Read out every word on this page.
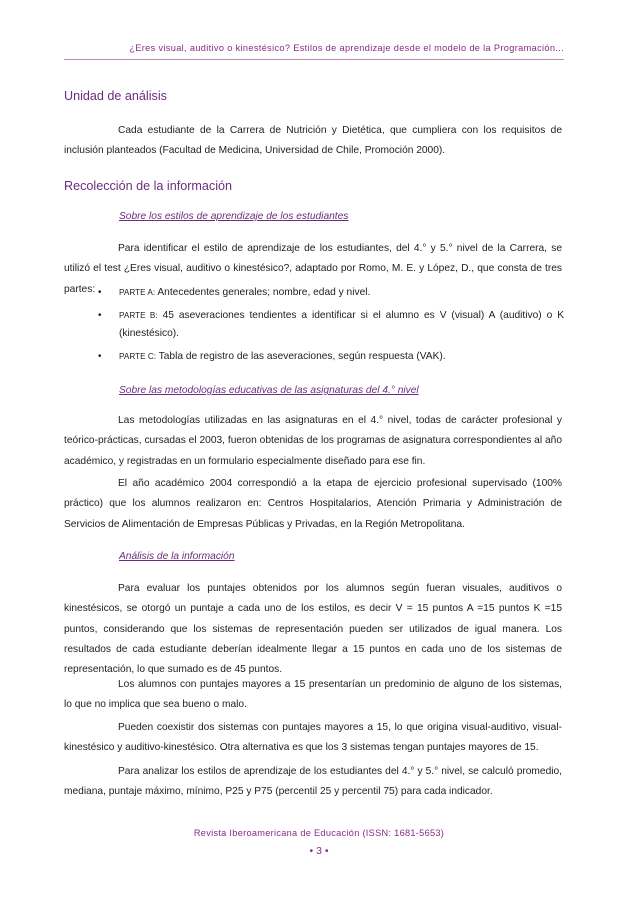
¿Eres visual, auditivo o kinestésico? Estilos de aprendizaje desde el modelo de la Programación...
Unidad de análisis

Cada estudiante de la Carrera de Nutrición y Dietética, que cumpliera con los requisitos de inclusión planteados (Facultad de Medicina, Universidad de Chile, Promoción 2000).

Recolección de la información

Sobre los estilos de aprendizaje de los estudiantes

Para identificar el estilo de aprendizaje de los estudiantes, del 4.° y 5.° nivel de la Carrera, se utilizó el test ¿Eres visual, auditivo o kinestésico?, adaptado por Romo, M. E. y López, D., que consta de tres partes: • PARTE A: Antecedentes generales; nombre, edad y nivel.
• PARTE B: 45 aseveraciones tendientes a identificar si el alumno es V (visual) A (auditivo) o K (kinestésico).
• PARTE C: Tabla de registro de las aseveraciones, según respuesta (VAK).

Sobre las metodologías educativas de las asignaturas del 4.° nivel

Las metodologías utilizadas en las asignaturas en el 4.° nivel, todas de carácter profesional y teórico-prácticas, cursadas el 2003, fueron obtenidas de los programas de asignatura correspondientes al año académico, y registradas en un formulario especialmente diseñado para ese fin.

El año académico 2004 correspondió a la etapa de ejercicio profesional supervisado (100% práctico) que los alumnos realizaron en: Centros Hospitalarios, Atención Primaria y Administración de Servicios de Alimentación de Empresas Públicas y Privadas, en la Región Metropolitana.

Análisis de la información

Para evaluar los puntajes obtenidos por los alumnos según fueran visuales, auditivos o kinestésicos, se otorgó un puntaje a cada uno de los estilos, es decir V = 15 puntos A =15 puntos K =15 puntos, considerando que los sistemas de representación pueden ser utilizados de igual manera. Los resultados de cada estudiante deberían idealmente llegar a 15 puntos en cada uno de los sistemas de representación, lo que sumado es de 45 puntos.

Los alumnos con puntajes mayores a 15 presentarían un predominio de alguno de los sistemas, lo que no implica que sea bueno o malo.

Pueden coexistir dos sistemas con puntajes mayores a 15, lo que origina visual-auditivo, visual-kinestésico y auditivo-kinestésico. Otra alternativa es que los 3 sistemas tengan puntajes mayores de 15.

Para analizar los estilos de aprendizaje de los estudiantes del 4.° y 5.° nivel, se calculó promedio, mediana, puntaje máximo, mínimo, P25 y P75 (percentil 25 y percentil 75) para cada indicador.

Revista Iberoamericana de Educación (ISSN: 1681-5653)
• 3 •
